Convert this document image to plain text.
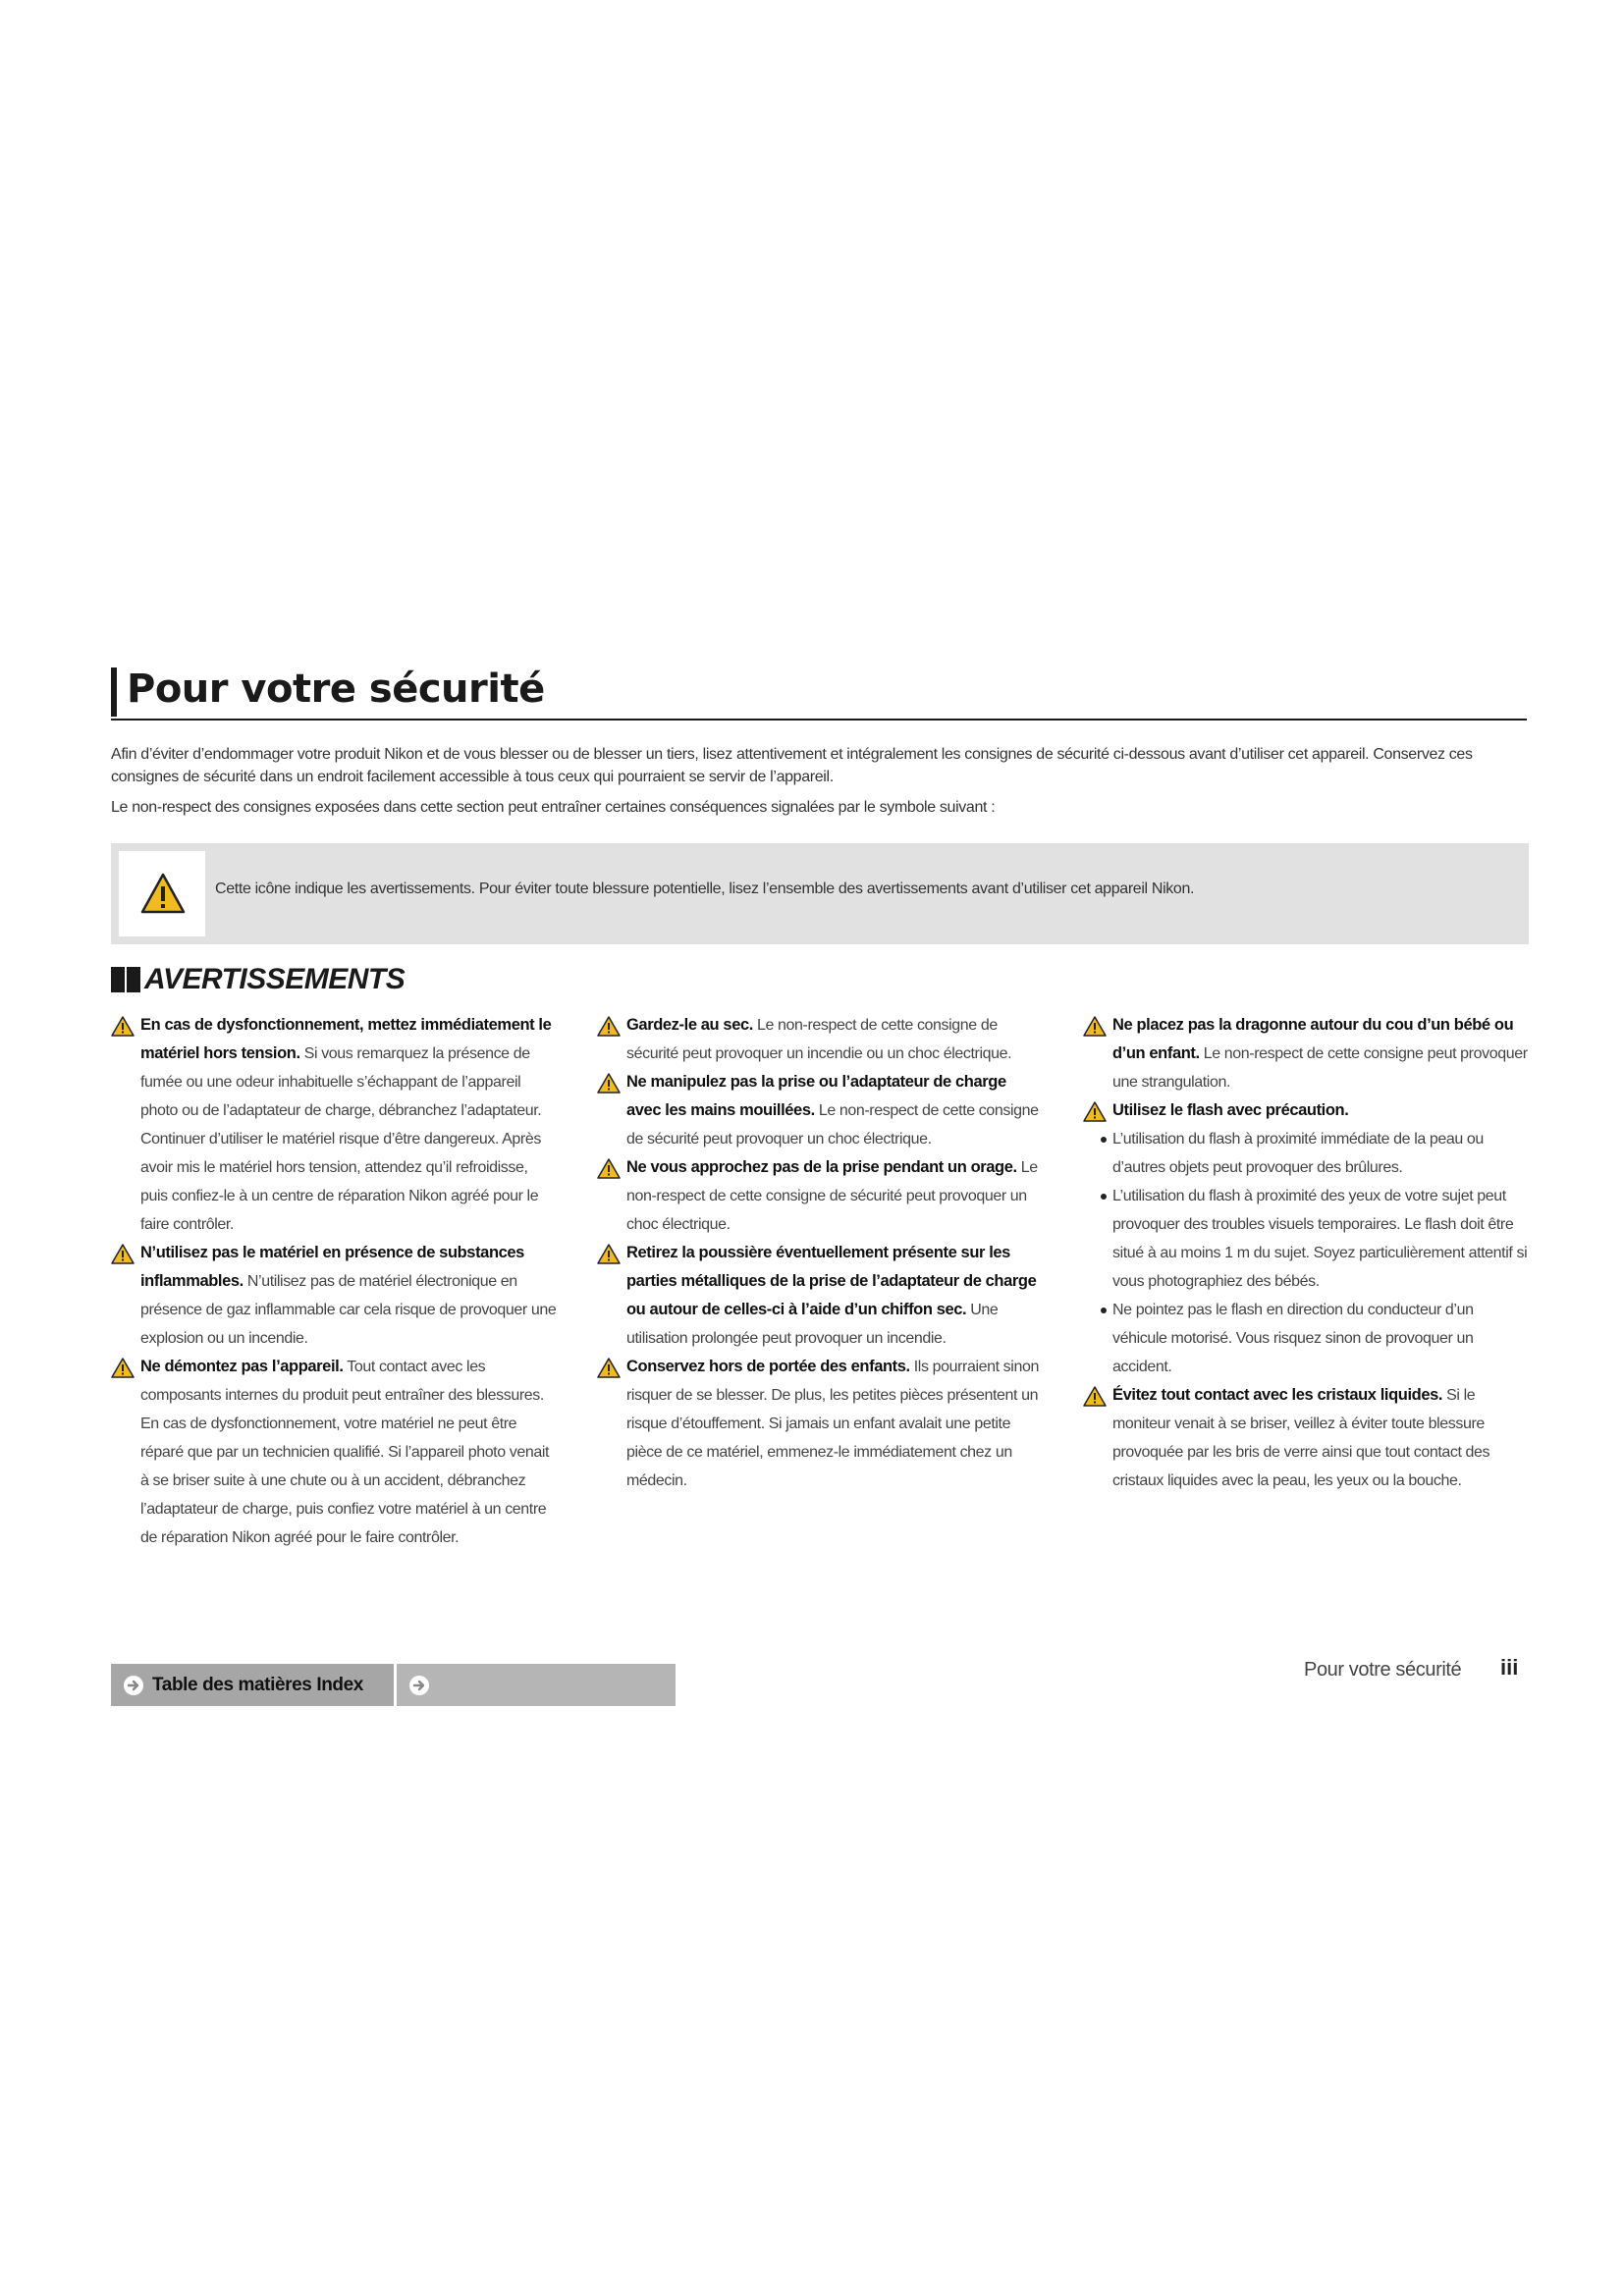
Pour votre sécurité

Afin d’éviter d’endommager votre produit Nikon et de vous blesser ou de blesser un tiers, lisez attentivement et intégralement les consignes de sécurité ci-dessous avant d’utiliser cet appareil. Conservez ces consignes de sécurité dans un endroit facilement accessible à tous ceux qui pourraient se servir de l’appareil.

Le non-respect des consignes exposées dans cette section peut entraîner certaines conséquences signalées par le symbole suivant :

Cette icône indique les avertissements. Pour éviter toute blessure potentielle, lisez l’ensemble des avertissements avant d’utiliser cet appareil Nikon.
AVERTISSEMENTS
En cas de dysfonctionnement, mettez immédiatement le matériel hors tension. Si vous remarquez la présence de fumée ou une odeur inhabituelle s’échappant de l’appareil photo ou de l’adaptateur de charge, débranchez l’adaptateur. Continuer d’utiliser le matériel risque d’être dangereux. Après avoir mis le matériel hors tension, attendez qu’il refroidisse, puis confiez-le à un centre de réparation Nikon agréé pour le faire contrôler.
N’utilisez pas le matériel en présence de substances inflammables. N’utilisez pas de matériel électronique en présence de gaz inflammable car cela risque de provoquer une explosion ou un incendie.
Ne démontez pas l’appareil. Tout contact avec les composants internes du produit peut entraîner des blessures. En cas de dysfonctionnement, votre matériel ne peut être réparé que par un technicien qualifié. Si l’appareil photo venait à se briser suite à une chute ou à un accident, débranchez l’adaptateur de charge, puis confiez votre matériel à un centre de réparation Nikon agréé pour le faire contrôler.
Gardez-le au sec. Le non-respect de cette consigne de sécurité peut provoquer un incendie ou un choc électrique.
Ne manipulez pas la prise ou l’adaptateur de charge avec les mains mouillées. Le non-respect de cette consigne de sécurité peut provoquer un choc électrique.
Ne vous approchez pas de la prise pendant un orage. Le non-respect de cette consigne de sécurité peut provoquer un choc électrique.
Retirez la poussière éventuellement présente sur les parties métalliques de la prise de l’adaptateur de charge ou autour de celles-ci à l’aide d’un chiffon sec. Une utilisation prolongée peut provoquer un incendie.
Conservez hors de portée des enfants. Ils pourraient sinon risquer de se blesser. De plus, les petites pièces présentent un risque d’étouffement. Si jamais un enfant avalait une petite pièce de ce matériel, emmenez-le immédiatement chez un médecin.
Ne placez pas la dragonne autour du cou d’un bébé ou d’un enfant. Le non-respect de cette consigne peut provoquer une strangulation.
Utilisez le flash avec précaution.
L’utilisation du flash à proximité immédiate de la peau ou d’autres objets peut provoquer des brûlures.
L’utilisation du flash à proximité des yeux de votre sujet peut provoquer des troubles visuels temporaires. Le flash doit être situé à au moins 1 m du sujet. Soyez particulièrement attentif si vous photographiez des bébés.
Ne pointez pas le flash en direction du conducteur d’un véhicule motorisé. Vous risquez sinon de provoquer un accident.
Évitez tout contact avec les cristaux liquides. Si le moniteur venait à se briser, veillez à éviter toute blessure provoquée par les bris de verre ainsi que tout contact des cristaux liquides avec la peau, les yeux ou la bouche.
Table des matières Index
Pour votre sécurité iii
